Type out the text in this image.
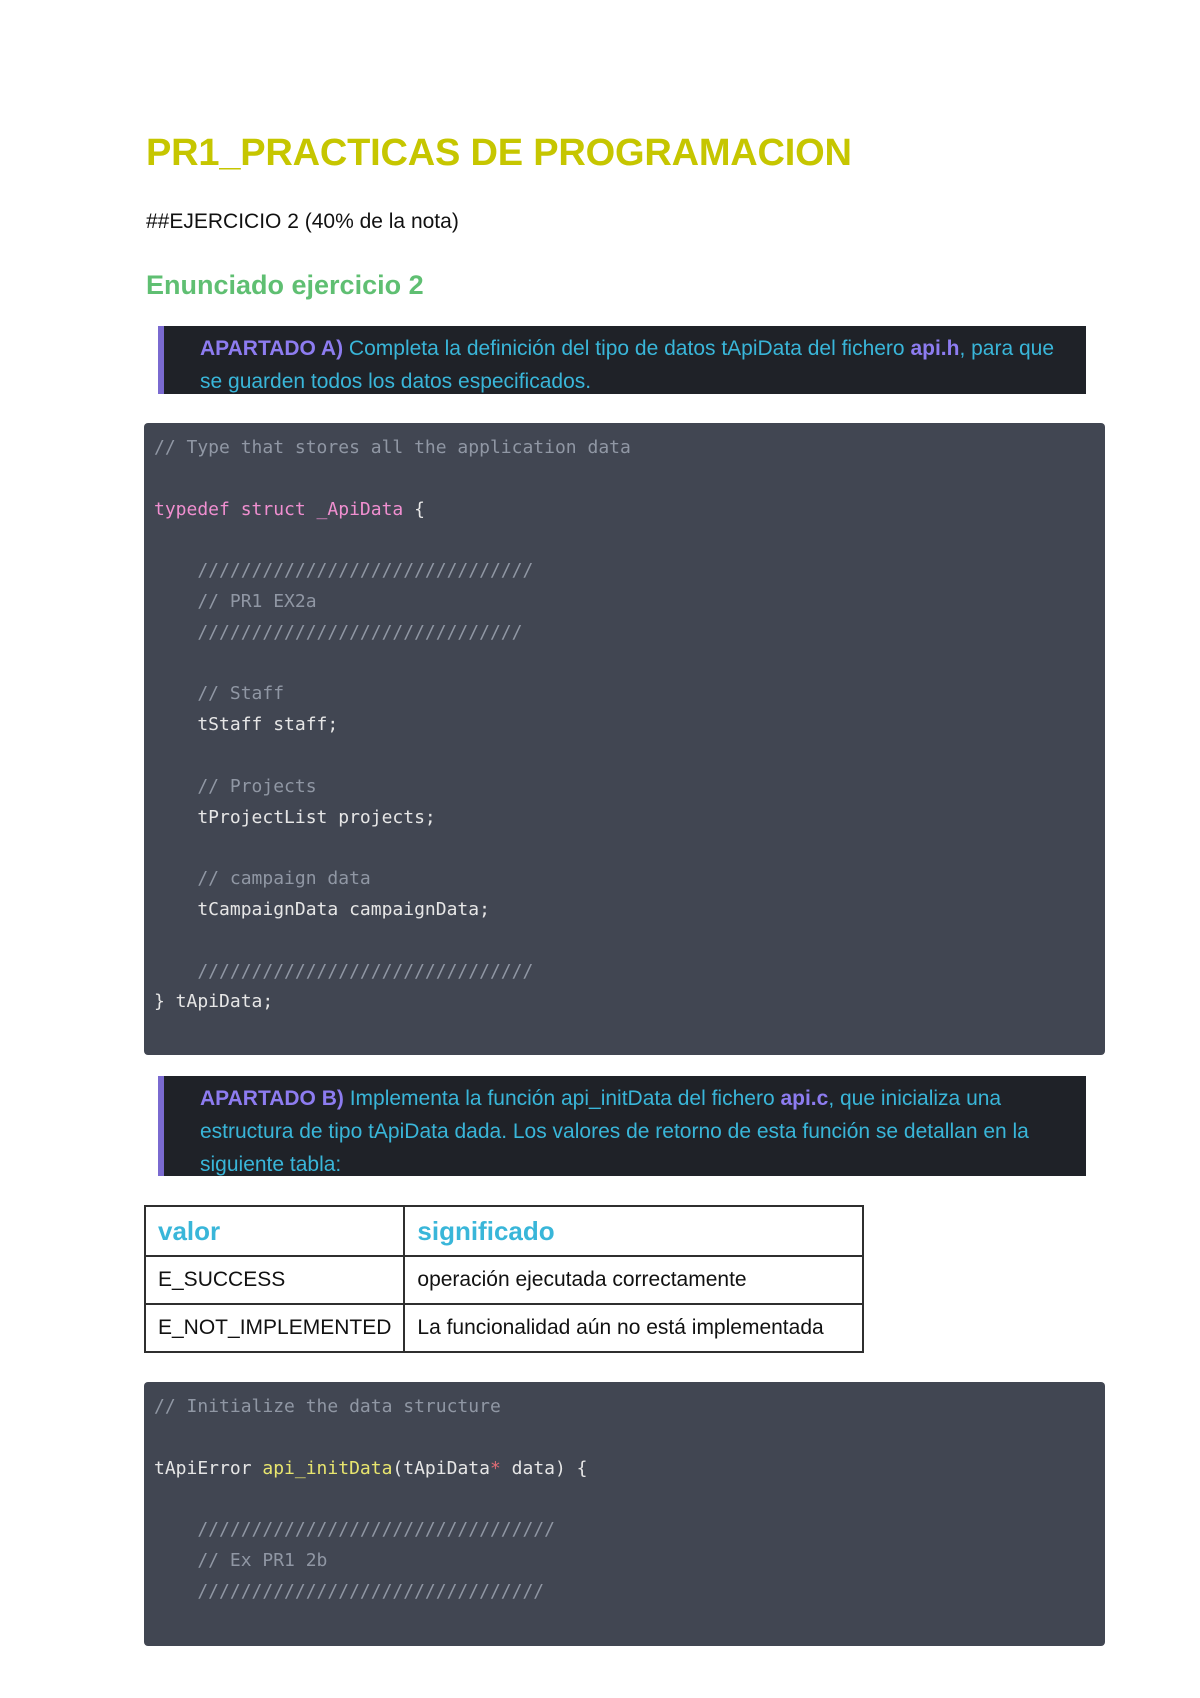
PR1_PRACTICAS DE PROGRAMACION

##EJERCICIO 2 (40% de la nota)

Enunciado ejercicio 2
APARTADO A) Completa la definición del tipo de datos tApiData del fichero api.h, para que se guarden todos los datos especificados.
// Type that stores all the application data

typedef struct _ApiData {

///////////////////////////////
// PR1 EX2a
//////////////////////////////

// Staff
tStaff staff;

// Projects
tProjectList projects;

// campaign data
tCampaignData campaignData;

///////////////////////////////
} tApiData;
APARTADO B) Implementa la función api_initData del fichero api.c, que inicializa una estructura de tipo tApiData dada. Los valores de retorno de esta función se detallan en la siguiente tabla:
valor	significado
E_SUCCESS	operación ejecutada correctamente
E_NOT_IMPLEMENTED	La funcionalidad aún no está implementada
// Initialize the data structure

tApiError api_initData(tApiData* data) {

/////////////////////////////////
// Ex PR1 2b
////////////////////////////////
